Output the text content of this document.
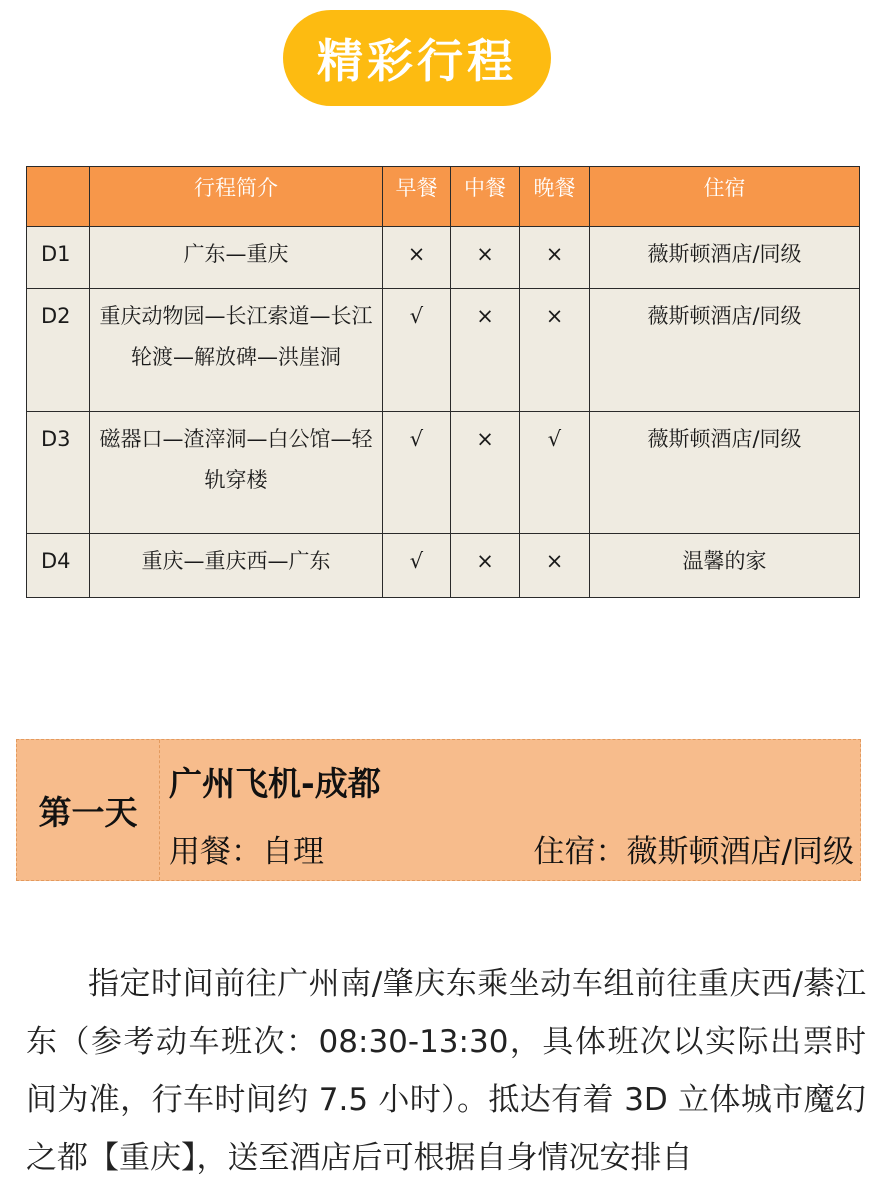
精彩行程
	行程简介	早餐	中餐	晚餐	住宿
D1	广东—重庆	×	×	×	薇斯顿酒店/同级
D2	重庆动物园—长江索道—长江轮渡—解放碑—洪崖洞	√	×	×	薇斯顿酒店/同级
D3	磁器口—渣滓洞—白公馆—轻轨穿楼	√	×	√	薇斯顿酒店/同级
D4	重庆—重庆西—广东	√	×	×	温馨的家
第一天
广州飞机-成都
用餐：自理	住宿：薇斯顿酒店/同级

指定时间前往广州南/肇庆东乘坐动车组前往重庆西/綦江东（参考动车班次：08:30-13:30，具体班次以实际出票时间为准，行车时间约 7.5 小时）。抵达有着 3D 立体城市魔幻之都【重庆】，送至酒店后可根据自身情况安排自
